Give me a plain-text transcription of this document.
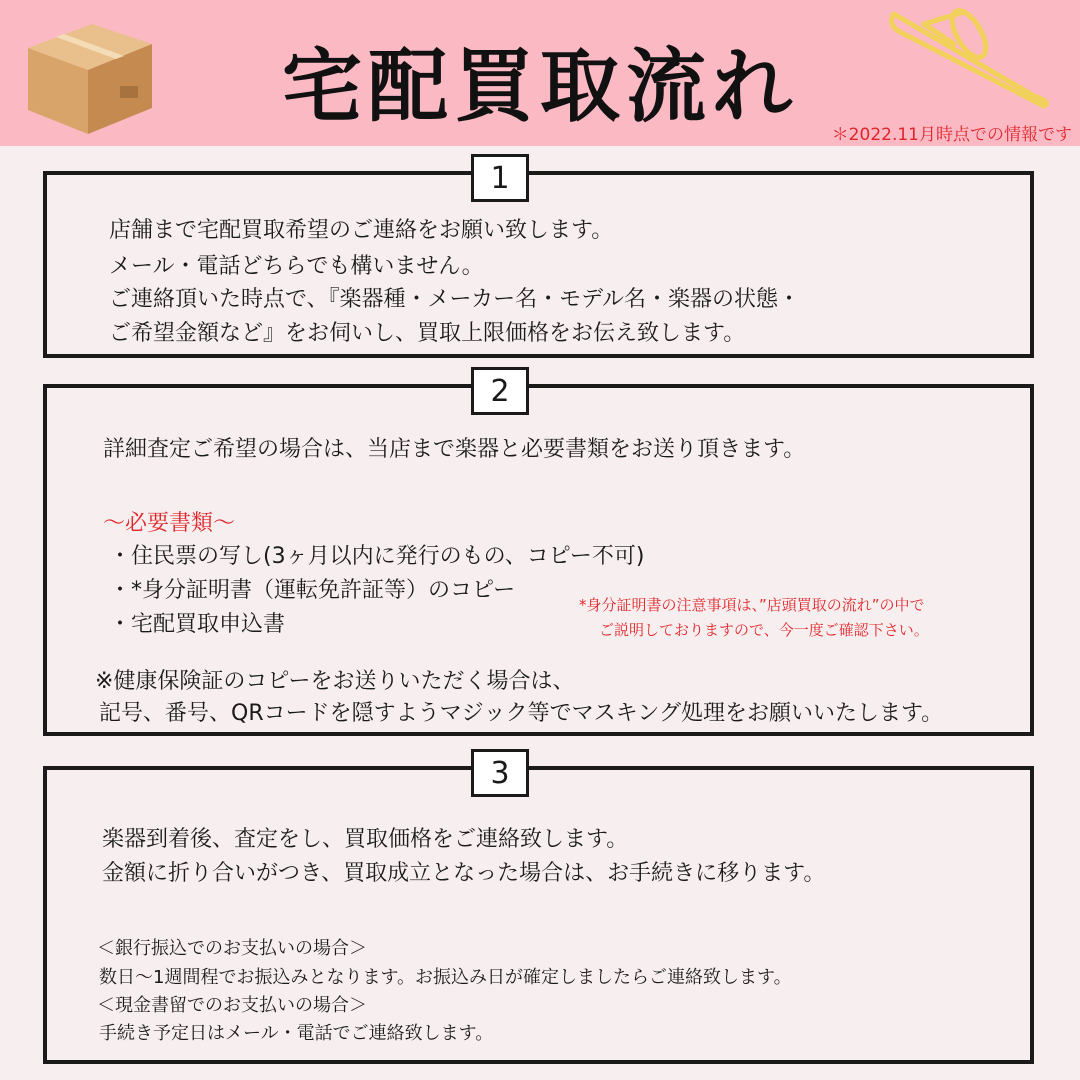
宅配買取流れ
＊2022.11月時点での情報です
1
店舗まで宅配買取希望のご連絡をお願い致します。
メール・電話どちらでも構いません。
ご連絡頂いた時点で、『楽器種・メーカー名・モデル名・楽器の状態・
ご希望金額など』をお伺いし、買取上限価格をお伝え致します。
2
詳細査定ご希望の場合は、当店まで楽器と必要書類をお送り頂きます。
〜必要書類〜
・住民票の写し(3ヶ月以内に発行のもの、コピー不可)
・*身分証明書（運転免許証等）のコピー
・宅配買取申込書
*身分証明書の注意事項は、”店頭買取の流れ”の中で
ご説明しておりますので、今一度ご確認下さい。
※健康保険証のコピーをお送りいただく場合は、
記号、番号、QRコードを隠すようマジック等でマスキング処理をお願いいたします。
3
楽器到着後、査定をし、買取価格をご連絡致します。
金額に折り合いがつき、買取成立となった場合は、お手続きに移ります。
＜銀行振込でのお支払いの場合＞
数日〜1週間程でお振込みとなります。お振込み日が確定しましたらご連絡致します。
＜現金書留でのお支払いの場合＞
手続き予定日はメール・電話でご連絡致します。
